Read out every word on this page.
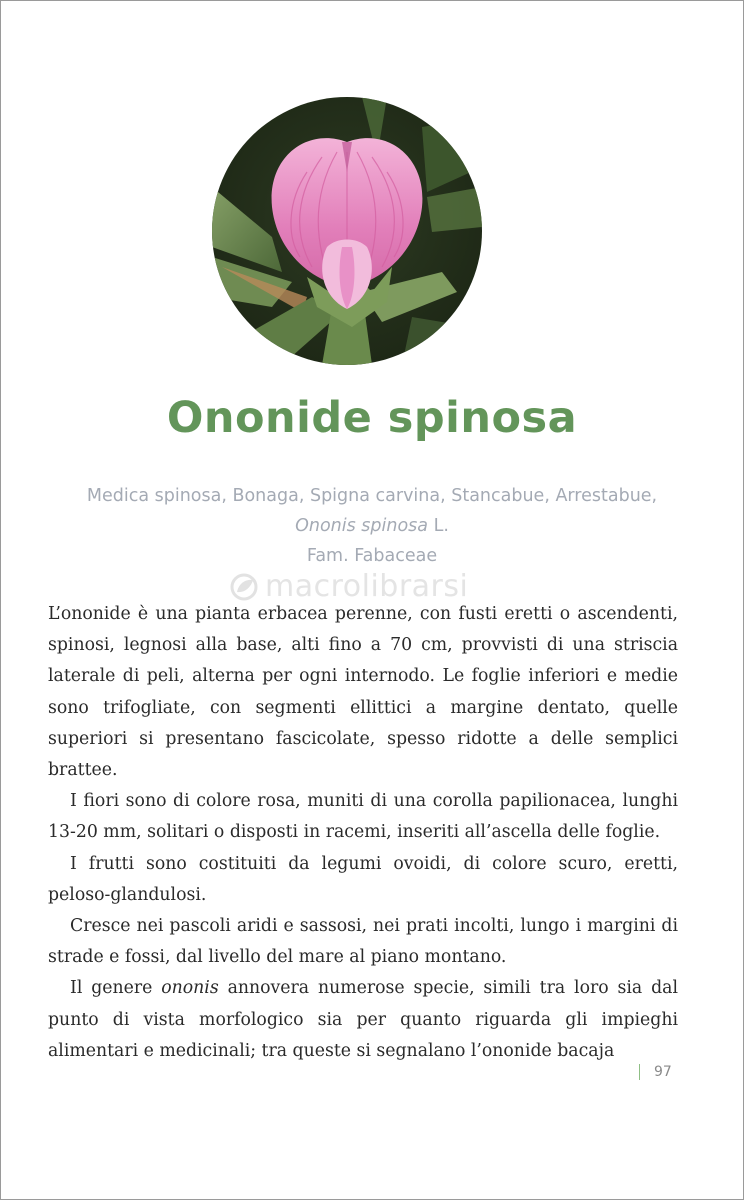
Ononide spinosa
Medica spinosa, Bonaga, Spigna carvina, Stancabue, Arrestabue,
Ononis spinosa L.
Fam. Fabaceae
macrolibrarsi

L’ononide è una pianta erbacea perenne, con fusti eretti o ascendenti, spinosi, legnosi alla base, alti fino a 70 cm, provvisti di una striscia laterale di peli, alterna per ogni internodo. Le foglie inferiori e medie sono trifogliate, con segmenti ellittici a margine dentato, quelle superiori si presentano fascicolate, spesso ridotte a delle semplici brattee.

I fiori sono di colore rosa, muniti di una corolla papilionacea, lunghi 13-20 mm, solitari o disposti in racemi, inseriti all’ascella delle foglie.

I frutti sono costituiti da legumi ovoidi, di colore scuro, eretti, peloso-glandulosi.

Cresce nei pascoli aridi e sassosi, nei prati incolti, lungo i margini di strade e fossi, dal livello del mare al piano montano.

Il genere ononis annovera numerose specie, simili tra loro sia dal punto di vista morfologico sia per quanto riguarda gli impieghi alimentari e medicinali; tra queste si segnalano l’ononide bacaja

97
